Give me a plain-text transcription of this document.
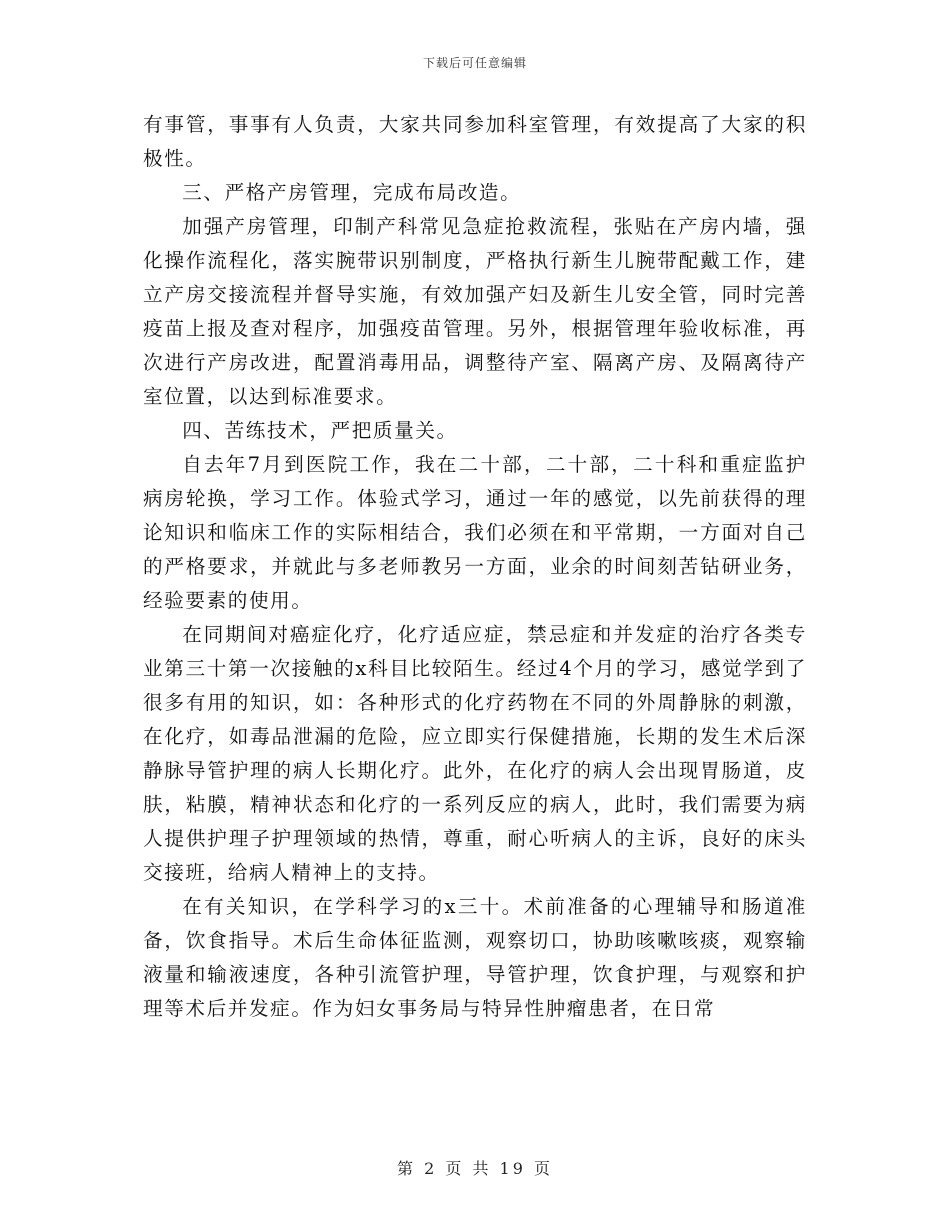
下载后可任意编辑

有事管，事事有人负责，大家共同参加科室管理，有效提高了大家的积极性。

三、严格产房管理，完成布局改造。

加强产房管理，印制产科常见急症抢救流程，张贴在产房内墙，强化操作流程化，落实腕带识别制度，严格执行新生儿腕带配戴工作，建立产房交接流程并督导实施，有效加强产妇及新生儿安全管，同时完善疫苗上报及查对程序，加强疫苗管理。另外，根据管理年验收标准，再次进行产房改进，配置消毒用品，调整待产室、隔离产房、及隔离待产室位置，以达到标准要求。

四、苦练技术，严把质量关。

自去年7月到医院工作，我在二十部，二十部，二十科和重症监护病房轮换，学习工作。体验式学习，通过一年的感觉，以先前获得的理论知识和临床工作的实际相结合，我们必须在和平常期，一方面对自己的严格要求，并就此与多老师教另一方面，业余的时间刻苦钻研业务，经验要素的使用。

在同期间对癌症化疗，化疗适应症，禁忌症和并发症的治疗各类专业第三十第一次接触的x科目比较陌生。经过4个月的学习，感觉学到了很多有用的知识，如：各种形式的化疗药物在不同的外周静脉的刺激，在化疗，如毒品泄漏的危险，应立即实行保健措施，长期的发生术后深静脉导管护理的病人长期化疗。此外，在化疗的病人会出现胃肠道，皮肤，粘膜，精神状态和化疗的一系列反应的病人，此时，我们需要为病人提供护理子护理领域的热情，尊重，耐心听病人的主诉，良好的床头交接班，给病人精神上的支持。

在有关知识，在学科学习的x三十。术前准备的心理辅导和肠道准备，饮食指导。术后生命体征监测，观察切口，协助咳嗽咳痰，观察输液量和输液速度，各种引流管护理，导管护理，饮食护理，与观察和护理等术后并发症。作为妇女事务局与特异性肿瘤患者，在日常

第 2 页 共 19 页
